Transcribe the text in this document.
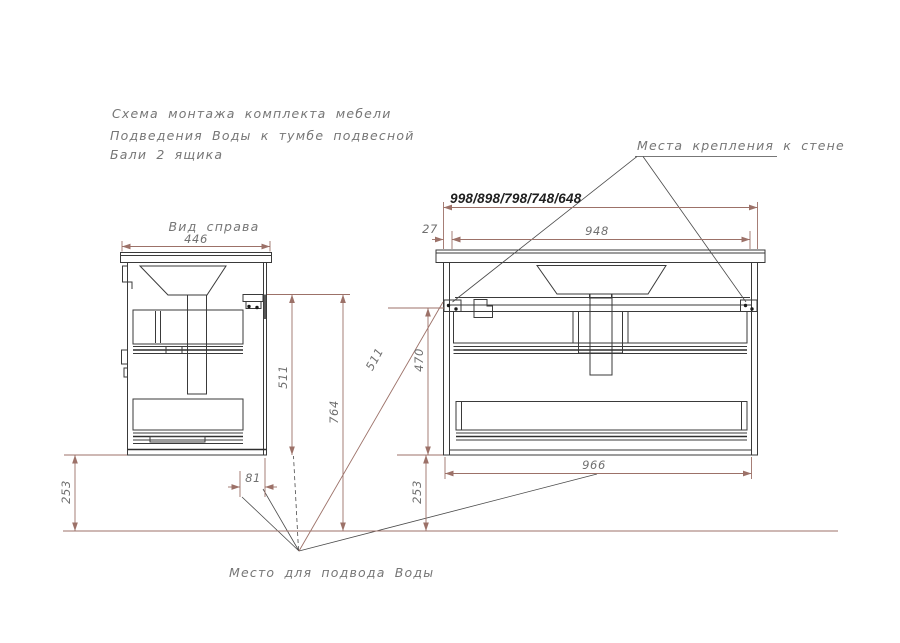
Схема монтажа комплекта мебели
Подведения Воды к тумбе подвесной
Бали 2 ящика
Вид справа
Места крепления к стене
Место для подвода Воды
446
998/898/798/748/648
27	948
511
764
511 470
253	253
966
81
